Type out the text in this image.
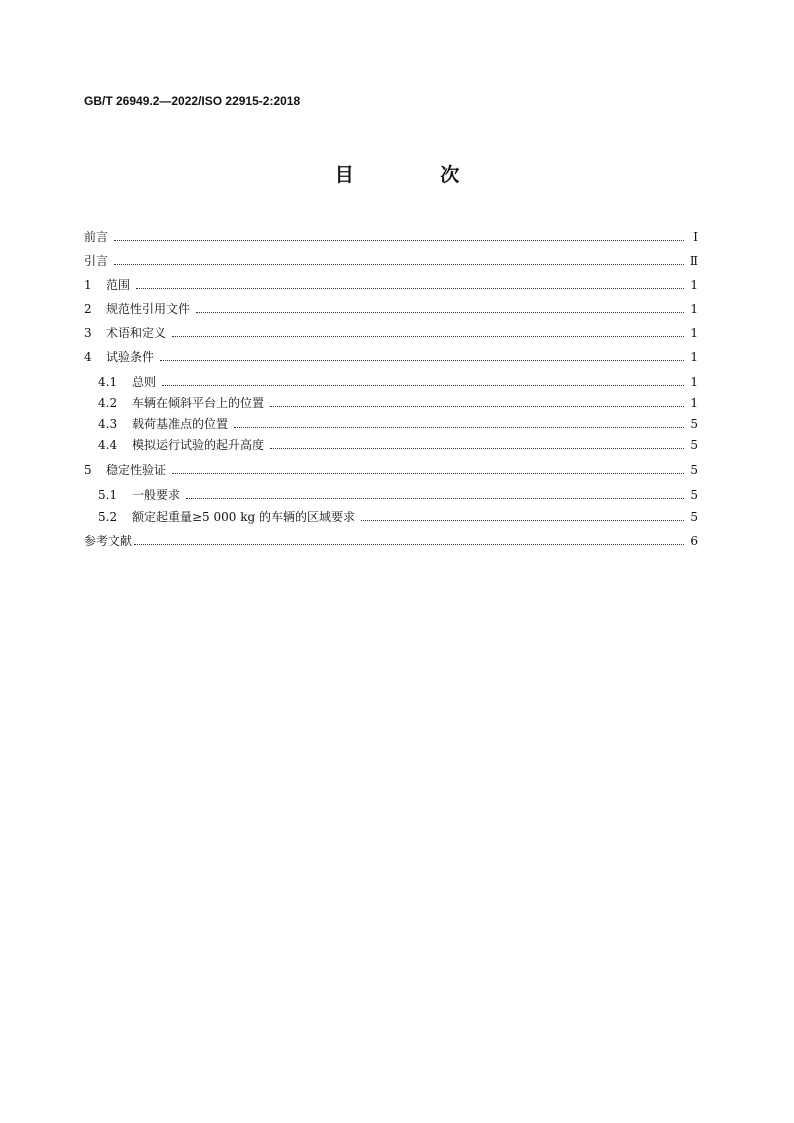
GB/T 26949.2—2022/ISO 22915-2:2018
目 次
前言	Ⅰ
引言	Ⅱ
1	范围	1
2	规范性引用文件	1
3	术语和定义	1
4	试验条件	1
4.1	总则	1
4.2	车辆在倾斜平台上的位置	1
4.3	载荷基准点的位置	5
4.4	模拟运行试验的起升高度	5
5	稳定性验证	5
5.1	一般要求	5
5.2	额定起重量≥5 000 kg 的车辆的区域要求	5
参考文献	6
